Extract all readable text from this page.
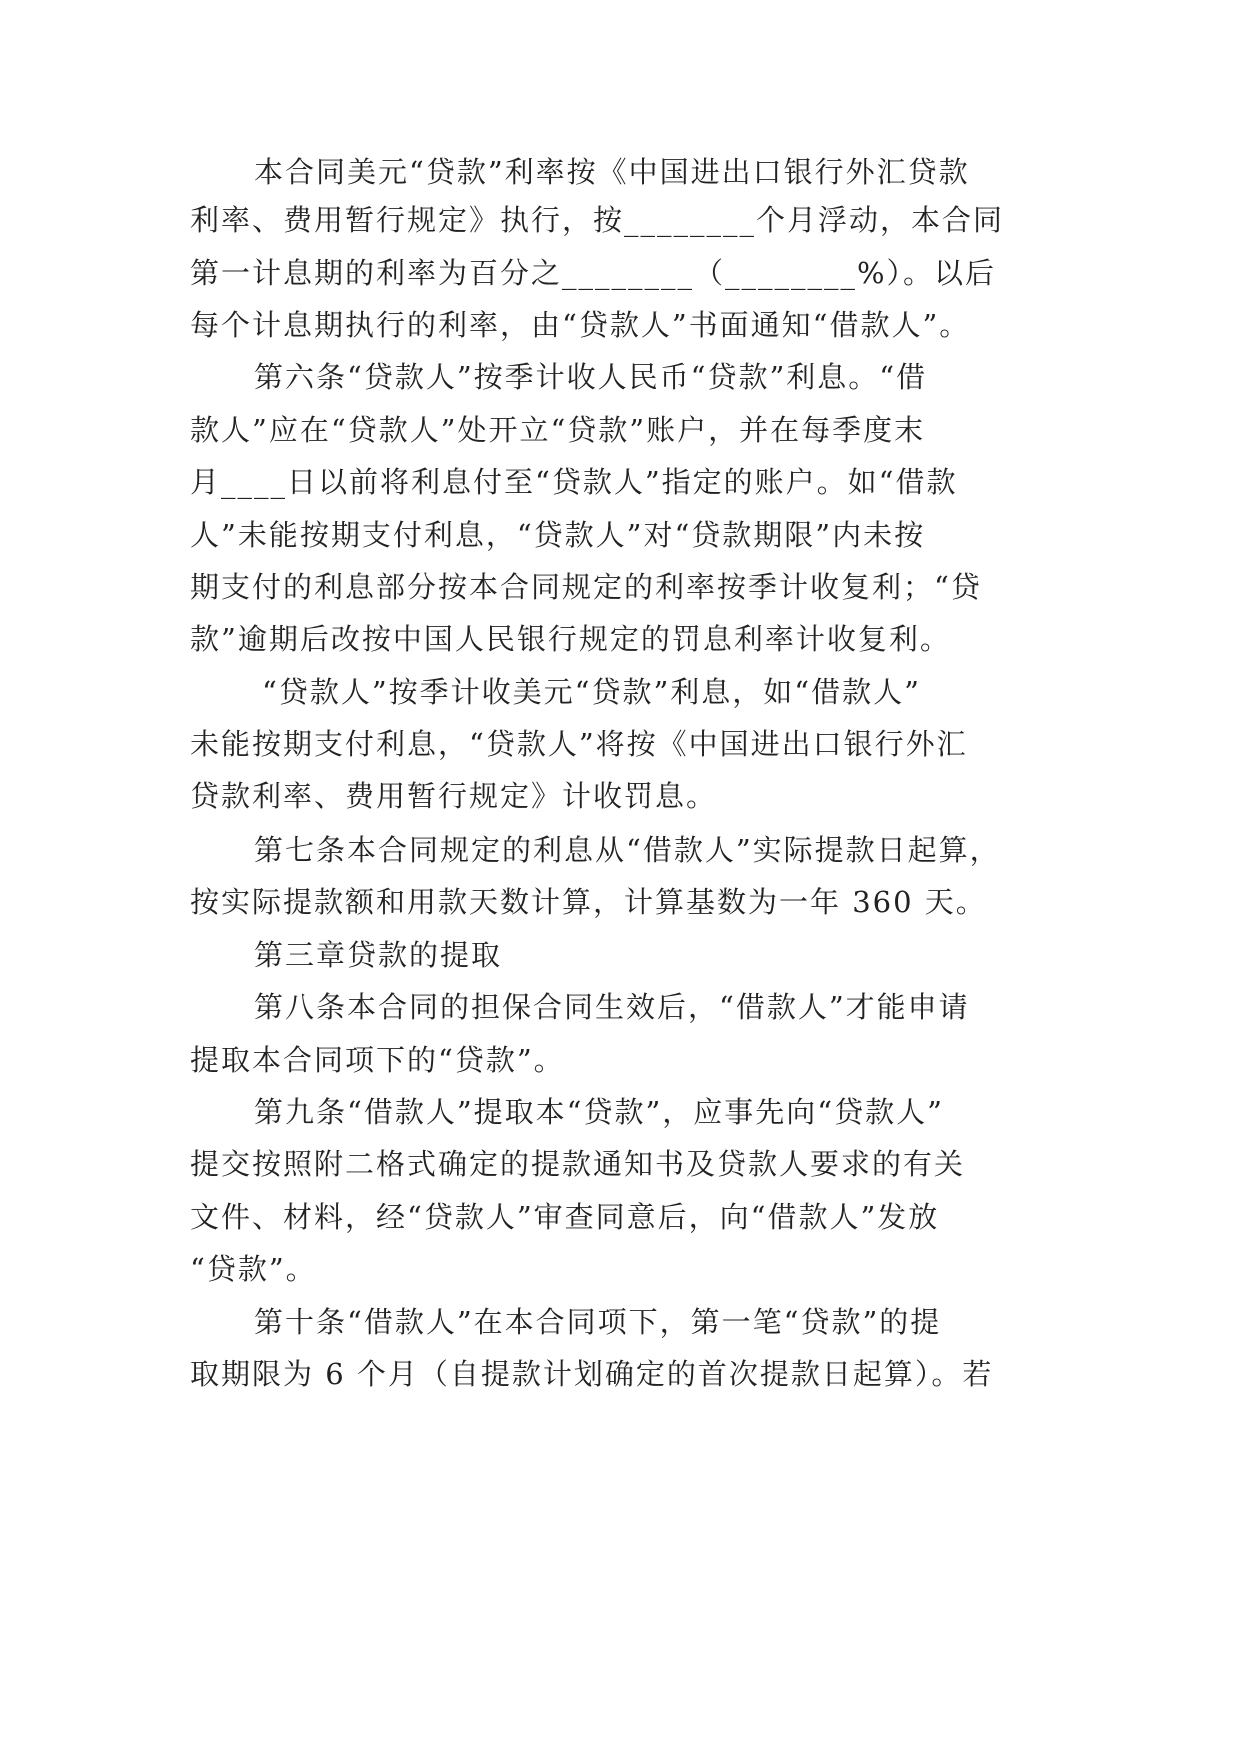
本合同美元“贷款”利率按《中国进出口银行外汇贷款
利率、费用暂行规定》执行，按________个月浮动，本合同
第一计息期的利率为百分之________（________%）。以后
每个计息期执行的利率，由“贷款人”书面通知“借款人”。
第六条“贷款人”按季计收人民币“贷款”利息。“借
款人”应在“贷款人”处开立“贷款”账户，并在每季度末
月____日以前将利息付至“贷款人”指定的账户。如“借款
人”未能按期支付利息，“贷款人”对“贷款期限”内未按
期支付的利息部分按本合同规定的利率按季计收复利；“贷
款”逾期后改按中国人民银行规定的罚息利率计收复利。
“贷款人”按季计收美元“贷款”利息，如“借款人”
未能按期支付利息，“贷款人”将按《中国进出口银行外汇
贷款利率、费用暂行规定》计收罚息。
第七条本合同规定的利息从“借款人”实际提款日起算，
按实际提款额和用款天数计算，计算基数为一年 360 天。
第三章贷款的提取
第八条本合同的担保合同生效后，“借款人”才能申请
提取本合同项下的“贷款”。
第九条“借款人”提取本“贷款”，应事先向“贷款人”
提交按照附二格式确定的提款通知书及贷款人要求的有关
文件、材料，经“贷款人”审查同意后，向“借款人”发放
“贷款”。
第十条“借款人”在本合同项下，第一笔“贷款”的提
取期限为 6 个月（自提款计划确定的首次提款日起算）。若
